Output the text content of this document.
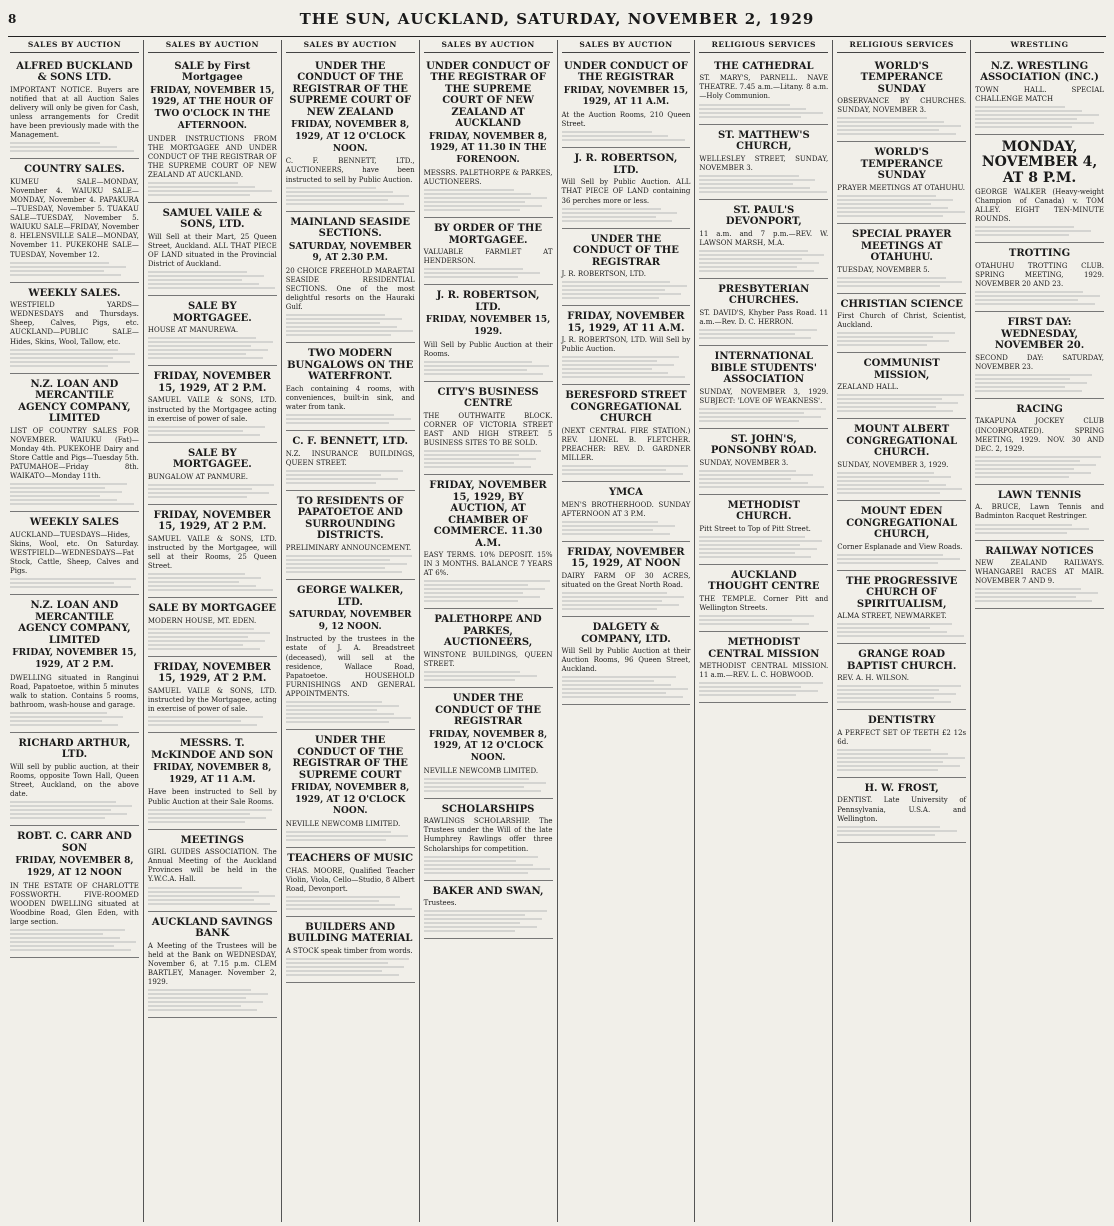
8	THE SUN, AUCKLAND, SATURDAY, NOVEMBER 2, 1929
SALES BY AUCTION
ALFRED BUCKLAND & SONS LTD.

IMPORTANT NOTICE. Buyers are notified that at all Auction Sales delivery will only be given for Cash, unless arrangements for Credit have been previously made with the Management.

COUNTRY SALES.

KUMEU SALE—MONDAY, November 4. WAIUKU SALE—MONDAY, November 4. PAPAKURA—TUESDAY, November 5. TUAKAU SALE—TUESDAY, November 5. WAIUKU SALE—FRIDAY, November 8. HELENSVILLE SALE—MONDAY, November 11. PUKEKOHE SALE—TUESDAY, November 12.

WEEKLY SALES.

WESTFIELD YARDS—WEDNESDAYS and Thursdays. Sheep, Calves, Pigs, etc. AUCKLAND—PUBLIC SALE—Hides, Skins, Wool, Tallow, etc.

N.Z. LOAN AND MERCANTILE AGENCY COMPANY, LIMITED

LIST OF COUNTRY SALES FOR NOVEMBER. WAIUKU (Fat)—Monday 4th. PUKEKOHE Dairy and Store Cattle and Pigs—Tuesday 5th. PATUMAHOE—Friday 8th. WAIKATO—Monday 11th.

WEEKLY SALES

AUCKLAND—TUESDAYS—Hides, Skins, Wool, etc. On Saturday. WESTFIELD—WEDNESDAYS—Fat Stock, Cattle, Sheep, Calves and Pigs.

N.Z. LOAN AND MERCANTILE AGENCY COMPANY, LIMITED
FRIDAY, NOVEMBER 15, 1929, AT 2 P.M.

DWELLING situated in Ranginui Road, Papatoetoe, within 5 minutes walk to station. Contains 5 rooms, bathroom, wash-house and garage.

RICHARD ARTHUR, LTD.

Will sell by public auction, at their Rooms, opposite Town Hall, Queen Street, Auckland, on the above date.

ROBT. C. CARR AND SON
FRIDAY, NOVEMBER 8, 1929, AT 12 NOON

IN THE ESTATE OF CHARLOTTE FOSSWORTH. FIVE-ROOMED WOODEN DWELLING situated at Woodbine Road, Glen Eden, with large section.

SALES BY AUCTION
SALE by First Mortgagee
FRIDAY, NOVEMBER 15, 1929, AT THE HOUR OF TWO O'CLOCK IN THE AFTERNOON.

UNDER INSTRUCTIONS FROM THE MORTGAGEE AND UNDER CONDUCT OF THE REGISTRAR OF THE SUPREME COURT OF NEW ZEALAND AT AUCKLAND.

SAMUEL VAILE & SONS, LTD.

Will Sell at their Mart, 25 Queen Street, Auckland. ALL THAT PIECE OF LAND situated in the Provincial District of Auckland.

SALE BY MORTGAGEE.

HOUSE AT MANUREWA.

FRIDAY, NOVEMBER 15, 1929, AT 2 P.M.

SAMUEL VAILE & SONS, LTD. instructed by the Mortgagee acting in exercise of power of sale.

SALE BY MORTGAGEE.

BUNGALOW AT PANMURE.

FRIDAY, NOVEMBER 15, 1929, AT 2 P.M.

SAMUEL VAILE & SONS, LTD. instructed by the Mortgagee, will sell at their Rooms, 25 Queen Street.

SALE BY MORTGAGEE

MODERN HOUSE, MT. EDEN.

FRIDAY, NOVEMBER 15, 1929, AT 2 P.M.

SAMUEL VAILE & SONS, LTD. instructed by the Mortgagee, acting in exercise of power of sale.

MESSRS. T. McKINDOE AND SON
FRIDAY, NOVEMBER 8, 1929, AT 11 A.M.

Have been instructed to Sell by Public Auction at their Sale Rooms.

MEETINGS

GIRL GUIDES ASSOCIATION. The Annual Meeting of the Auckland Provinces will be held in the Y.W.C.A. Hall.

AUCKLAND SAVINGS BANK

A Meeting of the Trustees will be held at the Bank on WEDNESDAY, November 6, at 7.15 p.m. CLEM BARTLEY, Manager. November 2, 1929.

SALES BY AUCTION
UNDER THE CONDUCT OF THE REGISTRAR OF THE SUPREME COURT OF NEW ZEALAND
FRIDAY, NOVEMBER 8, 1929, AT 12 O'CLOCK NOON.

C. F. BENNETT, LTD., AUCTIONEERS, have been instructed to sell by Public Auction.

MAINLAND SEASIDE SECTIONS.
SATURDAY, NOVEMBER 9, AT 2.30 P.M.

20 CHOICE FREEHOLD MARAETAI SEASIDE RESIDENTIAL SECTIONS. One of the most delightful resorts on the Hauraki Gulf.

TWO MODERN BUNGALOWS ON THE WATERFRONT.

Each containing 4 rooms, with conveniences, built-in sink, and water from tank.

C. F. BENNETT, LTD.

N.Z. INSURANCE BUILDINGS, QUEEN STREET.

TO RESIDENTS OF PAPATOETOE AND SURROUNDING DISTRICTS.

PRELIMINARY ANNOUNCEMENT.

GEORGE WALKER, LTD.
SATURDAY, NOVEMBER 9, 12 NOON.

Instructed by the trustees in the estate of J. A. Breadstreet (deceased), will sell at the residence, Wallace Road, Papatoetoe. HOUSEHOLD FURNISHINGS AND GENERAL APPOINTMENTS.

UNDER THE CONDUCT OF THE REGISTRAR OF THE SUPREME COURT
FRIDAY, NOVEMBER 8, 1929, AT 12 O'CLOCK NOON.

NEVILLE NEWCOMB LIMITED.

TEACHERS OF MUSIC

CHAS. MOORE, Qualified Teacher Violin, Viola, Cello—Studio, 8 Albert Road, Devonport.

BUILDERS AND BUILDING MATERIAL

A STOCK speak timber from words.

SALES BY AUCTION
UNDER CONDUCT OF THE REGISTRAR OF THE SUPREME COURT OF NEW ZEALAND AT AUCKLAND
FRIDAY, NOVEMBER 8, 1929, AT 11.30 IN THE FORENOON.

MESSRS. PALETHORPE & PARKES, AUCTIONEERS.

BY ORDER OF THE MORTGAGEE.

VALUABLE FARMLET AT HENDERSON.

J. R. ROBERTSON, LTD.
FRIDAY, NOVEMBER 15, 1929.

Will Sell by Public Auction at their Rooms.

CITY'S BUSINESS CENTRE

THE OUTHWAITE BLOCK. CORNER OF VICTORIA STREET EAST AND HIGH STREET. 5 BUSINESS SITES TO BE SOLD.

FRIDAY, NOVEMBER 15, 1929, BY AUCTION, AT CHAMBER OF COMMERCE. 11.30 A.M.

EASY TERMS. 10% DEPOSIT. 15% IN 3 MONTHS. BALANCE 7 YEARS AT 6%.

PALETHORPE AND PARKES, AUCTIONEERS,

WINSTONE BUILDINGS, QUEEN STREET.

UNDER THE CONDUCT OF THE REGISTRAR
FRIDAY, NOVEMBER 8, 1929, AT 12 O'CLOCK NOON.

NEVILLE NEWCOMB LIMITED.

SCHOLARSHIPS

RAWLINGS SCHOLARSHIP. The Trustees under the Will of the late Humphrey Rawlings offer three Scholarships for competition.

BAKER AND SWAN,

Trustees.

SALES BY AUCTION
UNDER CONDUCT OF THE REGISTRAR
FRIDAY, NOVEMBER 15, 1929, AT 11 A.M.

At the Auction Rooms, 210 Queen Street.

J. R. ROBERTSON, LTD.

Will Sell by Public Auction. ALL THAT PIECE OF LAND containing 36 perches more or less.

UNDER THE CONDUCT OF THE REGISTRAR

J. R. ROBERTSON, LTD.

FRIDAY, NOVEMBER 15, 1929, AT 11 A.M.

J. R. ROBERTSON, LTD. Will Sell by Public Auction.

BERESFORD STREET CONGREGATIONAL CHURCH

(NEXT CENTRAL FIRE STATION.) REV. LIONEL B. FLETCHER. PREACHER: REV. D. GARDNER MILLER.

YMCA

MEN'S BROTHERHOOD. SUNDAY AFTERNOON AT 3 P.M.

FRIDAY, NOVEMBER 15, 1929, AT NOON

DAIRY FARM OF 30 ACRES, situated on the Great North Road.

DALGETY & COMPANY, LTD.

Will Sell by Public Auction at their Auction Rooms, 96 Queen Street, Auckland.

RELIGIOUS SERVICES
THE CATHEDRAL

ST. MARY'S, PARNELL. NAVE THEATRE. 7.45 a.m.—Litany. 8 a.m.—Holy Communion.

ST. MATTHEW'S CHURCH,

WELLESLEY STREET, SUNDAY, NOVEMBER 3.

ST. PAUL'S DEVONPORT,

11 a.m. and 7 p.m.—REV. W. LAWSON MARSH, M.A.

PRESBYTERIAN CHURCHES.

ST. DAVID'S, Khyber Pass Road. 11 a.m.—Rev. D. C. HERRON.

INTERNATIONAL BIBLE STUDENTS' ASSOCIATION

SUNDAY, NOVEMBER 3, 1929. SUBJECT: 'LOVE OF WEAKNESS'.

ST. JOHN'S, PONSONBY ROAD.

SUNDAY, NOVEMBER 3.

METHODIST CHURCH.

Pitt Street to Top of Pitt Street.

AUCKLAND THOUGHT CENTRE

THE TEMPLE. Corner Pitt and Wellington Streets.

METHODIST CENTRAL MISSION

METHODIST CENTRAL MISSION. 11 a.m.—REV. L. C. HOBWOOD.

RELIGIOUS SERVICES
WORLD'S TEMPERANCE SUNDAY

OBSERVANCE BY CHURCHES. SUNDAY, NOVEMBER 3.

WORLD'S TEMPERANCE SUNDAY

PRAYER MEETINGS AT OTAHUHU.

SPECIAL PRAYER MEETINGS AT OTAHUHU.

TUESDAY, NOVEMBER 5.

CHRISTIAN SCIENCE

First Church of Christ, Scientist, Auckland.

COMMUNIST MISSION,

ZEALAND HALL.

MOUNT ALBERT CONGREGATIONAL CHURCH.

SUNDAY, NOVEMBER 3, 1929.

MOUNT EDEN CONGREGATIONAL CHURCH,

Corner Esplanade and View Roads.

THE PROGRESSIVE CHURCH OF SPIRITUALISM,

ALMA STREET, NEWMARKET.

GRANGE ROAD BAPTIST CHURCH.

REV. A. H. WILSON.

DENTISTRY

A PERFECT SET OF TEETH £2 12s 6d.

H. W. FROST,

DENTIST. Late University of Pennsylvania, U.S.A. and Wellington.

WRESTLING
N.Z. WRESTLING ASSOCIATION (INC.)

TOWN HALL. SPECIAL CHALLENGE MATCH

MONDAY, NOVEMBER 4, AT 8 P.M.

GEORGE WALKER (Heavy-weight Champion of Canada) v. TOM ALLEY. EIGHT TEN-MINUTE ROUNDS.

TROTTING

OTAHUHU TROTTING CLUB. SPRING MEETING, 1929. NOVEMBER 20 AND 23.

FIRST DAY: WEDNESDAY, NOVEMBER 20.

SECOND DAY: SATURDAY, NOVEMBER 23.

RACING

TAKAPUNA JOCKEY CLUB (INCORPORATED). SPRING MEETING, 1929. NOV. 30 AND DEC. 2, 1929.

LAWN TENNIS

A. BRUCE, Lawn Tennis and Badminton Racquet Restringer.

RAILWAY NOTICES

NEW ZEALAND RAILWAYS. WHANGAREI RACES AT MAIR. NOVEMBER 7 AND 9.
